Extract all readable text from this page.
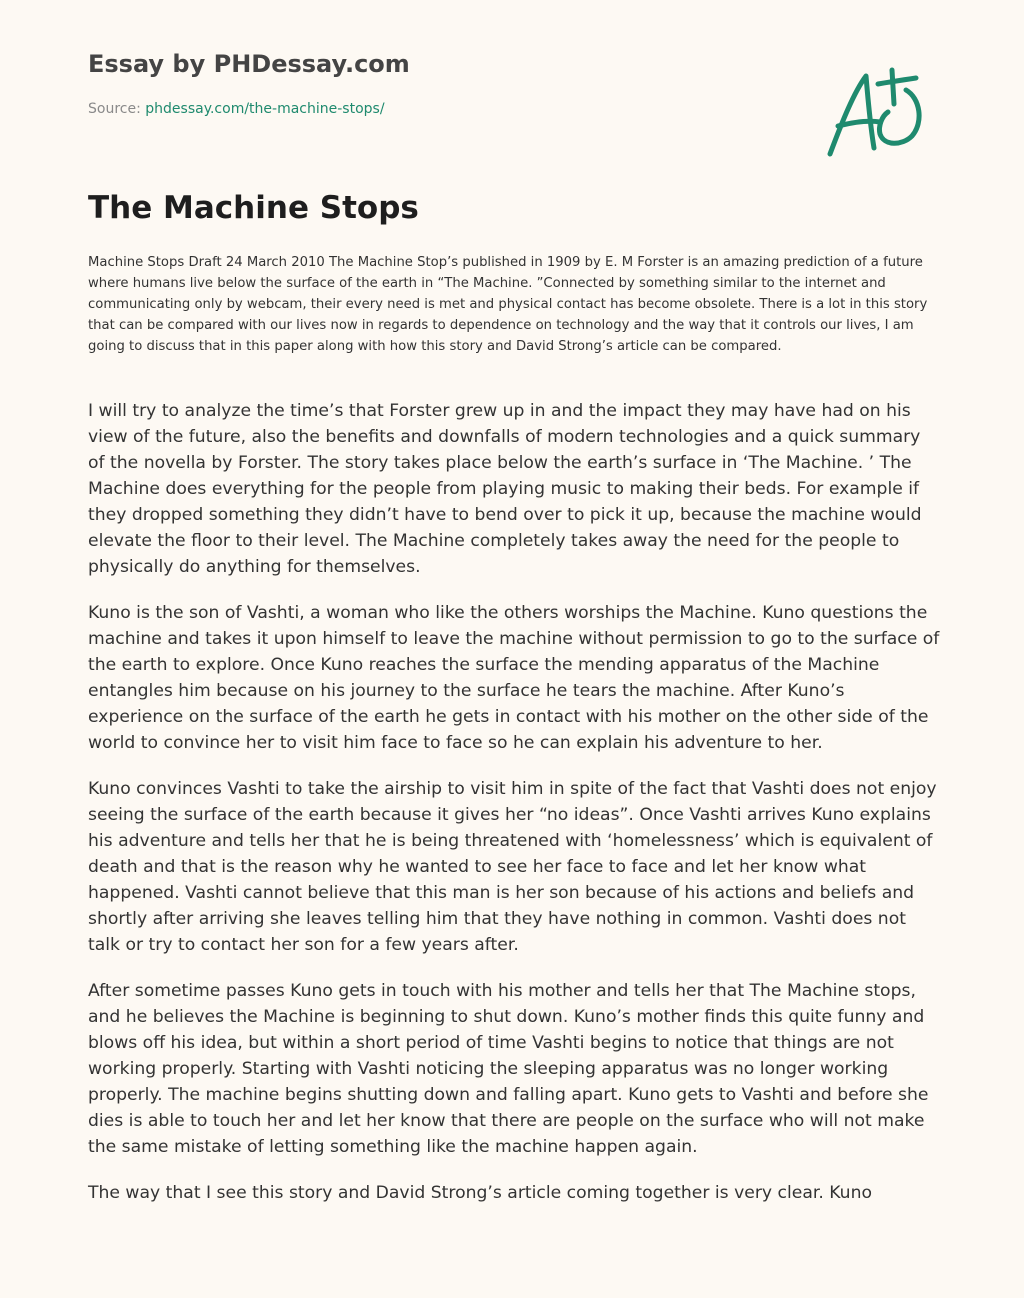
Essay by PHDessay.com
Source: phdessay.com/the-machine-stops/
The Machine Stops

Machine Stops Draft 24 March 2010 The Machine Stop’s published in 1909 by E. M Forster is an amazing prediction of a future where humans live below the surface of the earth in “The Machine. ”Connected by something similar to the internet and communicating only by webcam, their every need is met and physical contact has become obsolete. There is a lot in this story that can be compared with our lives now in regards to dependence on technology and the way that it controls our lives, I am going to discuss that in this paper along with how this story and David Strong’s article can be compared.

I will try to analyze the time’s that Forster grew up in and the impact they may have had on his view of the future, also the benefits and downfalls of modern technologies and a quick summary of the novella by Forster. The story takes place below the earth’s surface in ‘The Machine. ’ The Machine does everything for the people from playing music to making their beds. For example if they dropped something they didn’t have to bend over to pick it up, because the machine would elevate the floor to their level. The Machine completely takes away the need for the people to physically do anything for themselves.

Kuno is the son of Vashti, a woman who like the others worships the Machine. Kuno questions the machine and takes it upon himself to leave the machine without permission to go to the surface of the earth to explore. Once Kuno reaches the surface the mending apparatus of the Machine entangles him because on his journey to the surface he tears the machine. After Kuno’s experience on the surface of the earth he gets in contact with his mother on the other side of the world to convince her to visit him face to face so he can explain his adventure to her.

Kuno convinces Vashti to take the airship to visit him in spite of the fact that Vashti does not enjoy seeing the surface of the earth because it gives her “no ideas”. Once Vashti arrives Kuno explains his adventure and tells her that he is being threatened with ‘homelessness’ which is equivalent of death and that is the reason why he wanted to see her face to face and let her know what happened. Vashti cannot believe that this man is her son because of his actions and beliefs and shortly after arriving she leaves telling him that they have nothing in common. Vashti does not talk or try to contact her son for a few years after.

After sometime passes Kuno gets in touch with his mother and tells her that The Machine stops, and he believes the Machine is beginning to shut down. Kuno’s mother finds this quite funny and blows off his idea, but within a short period of time Vashti begins to notice that things are not working properly. Starting with Vashti noticing the sleeping apparatus was no longer working properly. The machine begins shutting down and falling apart. Kuno gets to Vashti and before she dies is able to touch her and let her know that there are people on the surface who will not make the same mistake of letting something like the machine happen again.

The way that I see this story and David Strong’s article coming together is very clear. Kuno
